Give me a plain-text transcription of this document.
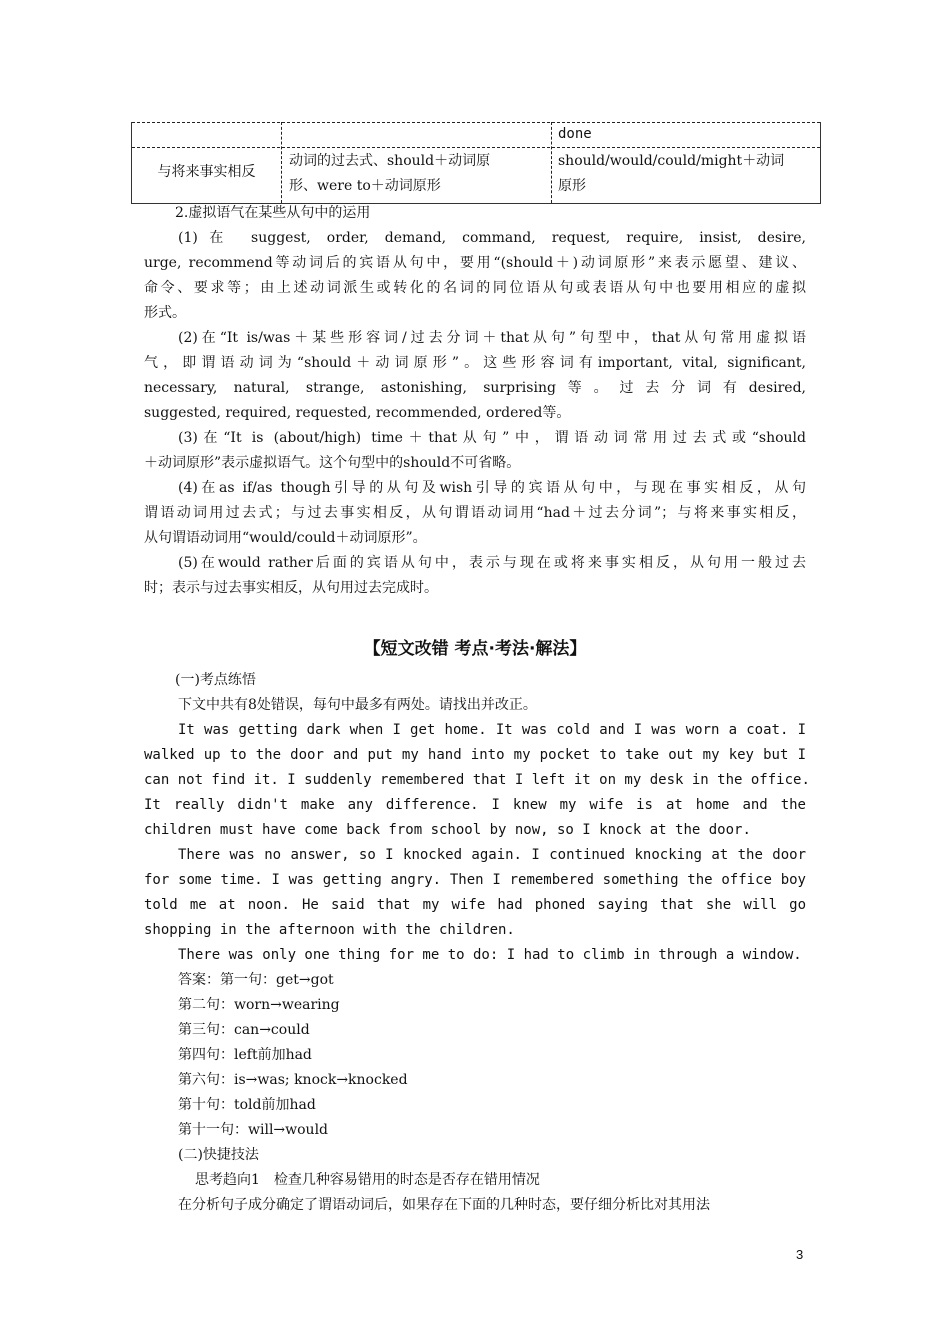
done
与将来事实相反
动词的过去式、should＋动词原
形、were to＋动词原形
should/would/could/might＋动词
原形
2.虚拟语气在某些从句中的运用
(1)在 suggest, order, demand, command, request, require, insist, desire,
urge, recommend等动词后的宾语从句中，要用“(should＋)动词原形”来表示愿望、建议、
命令、要求等；由上述动词派生或转化的名词的同位语从句或表语从句中也要用相应的虚拟
形式。
(2)在“It is/was＋某些形容词/过去分词＋that从句”句型中，that从句常用虚拟语
气，即谓语动词为“should＋动词原形”。这些形容词有important, vital, significant,
necessary, natural, strange, astonishing, surprising等。过去分词有desired,
suggested, required, requested, recommended, ordered等。
(3)在“It is (about/high) time＋that从句”中，谓语动词常用过去式或“should
＋动词原形”表示虚拟语气。这个句型中的should不可省略。
(4)在as if/as though引导的从句及wish引导的宾语从句中，与现在事实相反，从句
谓语动词用过去式；与过去事实相反，从句谓语动词用“had＋过去分词”；与将来事实相反，
从句谓语动词用“would/could＋动词原形”。
(5)在would rather后面的宾语从句中，表示与现在或将来事实相反，从句用一般过去
时；表示与过去事实相反，从句用过去完成时。
【短文改错 考点·考法·解法】
(一)考点练悟
下文中共有8处错误，每句中最多有两处。请找出并改正。
It was getting dark when I get home. It was cold and I was worn a coat. I
walked up to the door and put my hand into my pocket to take out my key but I
can not find it. I suddenly remembered that I left it on my desk in the office.
It really didn't make any difference. I knew my wife is at home and the
children must have come back from school by now, so I knock at the door.
There was no answer, so I knocked again. I continued knocking at the door
for some time. I was getting angry. Then I remembered something the office boy
told me at noon. He said that my wife had phoned saying that she will go
shopping in the afternoon with the children.
There was only one thing for me to do: I had to climb in through a window.
答案：第一句：get→got
第二句：worn→wearing
第三句：can→could
第四句：left前加had
第六句：is→was; knock→knocked
第十句：told前加had
第十一句：will→would
(二)快捷技法
思考趋向1　检查几种容易错用的时态是否存在错用情况
在分析句子成分确定了谓语动词后，如果存在下面的几种时态，要仔细分析比对其用法
3
